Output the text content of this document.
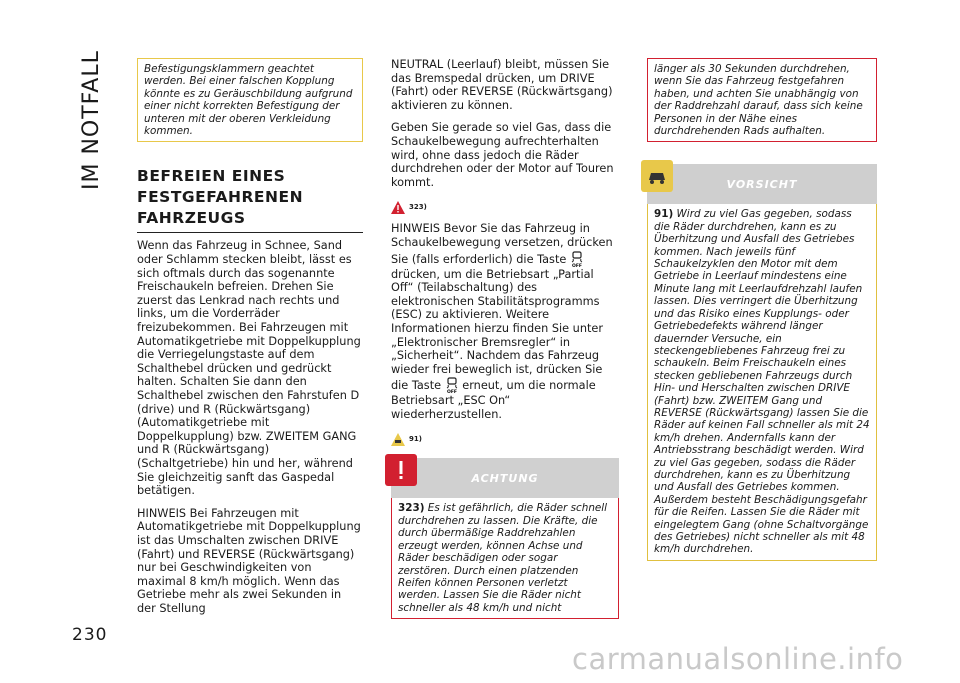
IM NOTFALL
230
Befestigungsklammern geachtet werden. Bei einer falschen Kopplung könnte es zu Geräuschbildung aufgrund einer nicht korrekten Befestigung der unteren mit der oberen Verkleidung kommen.
BEFREIEN EINES
FESTGEFAHRENEN
FAHRZEUGS

Wenn das Fahrzeug in Schnee, Sand oder Schlamm stecken bleibt, lässt es sich oftmals durch das sogenannte Freischaukeln befreien. Drehen Sie zuerst das Lenkrad nach rechts und links, um die Vorderräder freizubekommen. Bei Fahrzeugen mit Automatikgetriebe mit Doppelkupplung die Verriegelungstaste auf dem Schalthebel drücken und gedrückt halten. Schalten Sie dann den Schalthebel zwischen den Fahrstufen D (drive) und R (Rückwärtsgang) (Automatikgetriebe mit Doppelkupplung) bzw. ZWEITEM GANG und R (Rückwärtsgang) (Schaltgetriebe) hin und her, während Sie gleichzeitig sanft das Gaspedal betätigen.

HINWEIS Bei Fahrzeugen mit Automatikgetriebe mit Doppelkupplung ist das Umschalten zwischen DRIVE (Fahrt) und REVERSE (Rückwärtsgang) nur bei Geschwindigkeiten von maximal 8 km/h möglich. Wenn das Getriebe mehr als zwei Sekunden in der Stellung

NEUTRAL (Leerlauf) bleibt, müssen Sie das Bremspedal drücken, um DRIVE (Fahrt) oder REVERSE (Rückwärtsgang) aktivieren zu können.

Geben Sie gerade so viel Gas, dass die Schaukelbewegung aufrechterhalten wird, ohne dass jedoch die Räder durchdrehen oder der Motor auf Touren kommt.

323)

HINWEIS Bevor Sie das Fahrzeug in Schaukelbewegung versetzen, drücken Sie (falls erforderlich) die Taste
OFF
drücken, um die Betriebsart „Partial Off“ (Teilabschaltung) des elektronischen Stabilitätsprogramms (ESC) zu aktivieren. Weitere Informationen hierzu finden Sie unter „Elektronischer Bremsregler“ in „Sicherheit“. Nachdem das Fahrzeug wieder frei beweglich ist, drücken Sie die Taste
OFF
erneut, um die normale Betriebsart „ESC On“ wiederherzustellen.

91)
ACHTUNG
323) Es ist gefährlich, die Räder schnell durchdrehen zu lassen. Die Kräfte, die durch übermäßige Raddrehzahlen erzeugt werden, können Achse und Räder beschädigen oder sogar zerstören. Durch einen platzenden Reifen können Personen verletzt werden. Lassen Sie die Räder nicht schneller als 48 km/h und nicht
länger als 30 Sekunden durchdrehen, wenn Sie das Fahrzeug festgefahren haben, und achten Sie unabhängig von der Raddrehzahl darauf, dass sich keine Personen in der Nähe eines durchdrehenden Rads aufhalten.
VORSICHT
91) Wird zu viel Gas gegeben, sodass die Räder durchdrehen, kann es zu Überhitzung und Ausfall des Getriebes kommen. Nach jeweils fünf Schaukelzyklen den Motor mit dem Getriebe in Leerlauf mindestens eine Minute lang mit Leerlaufdrehzahl laufen lassen. Dies verringert die Überhitzung und das Risiko eines Kupplungs- oder Getriebedefekts während länger dauernder Versuche, ein steckengebliebenes Fahrzeug frei zu schaukeln. Beim Freischaukeln eines stecken gebliebenen Fahrzeugs durch Hin- und Herschalten zwischen DRIVE (Fahrt) bzw. ZWEITEM Gang und REVERSE (Rückwärtsgang) lassen Sie die Räder auf keinen Fall schneller als mit 24 km/h drehen. Andernfalls kann der Antriebsstrang beschädigt werden. Wird zu viel Gas gegeben, sodass die Räder durchdrehen, kann es zu Überhitzung und Ausfall des Getriebes kommen. Außerdem besteht Beschädigungsgefahr für die Reifen. Lassen Sie die Räder mit eingelegtem Gang (ohne Schaltvorgänge des Getriebes) nicht schneller als mit 48 km/h durchdrehen.
carmanualsonline.info
